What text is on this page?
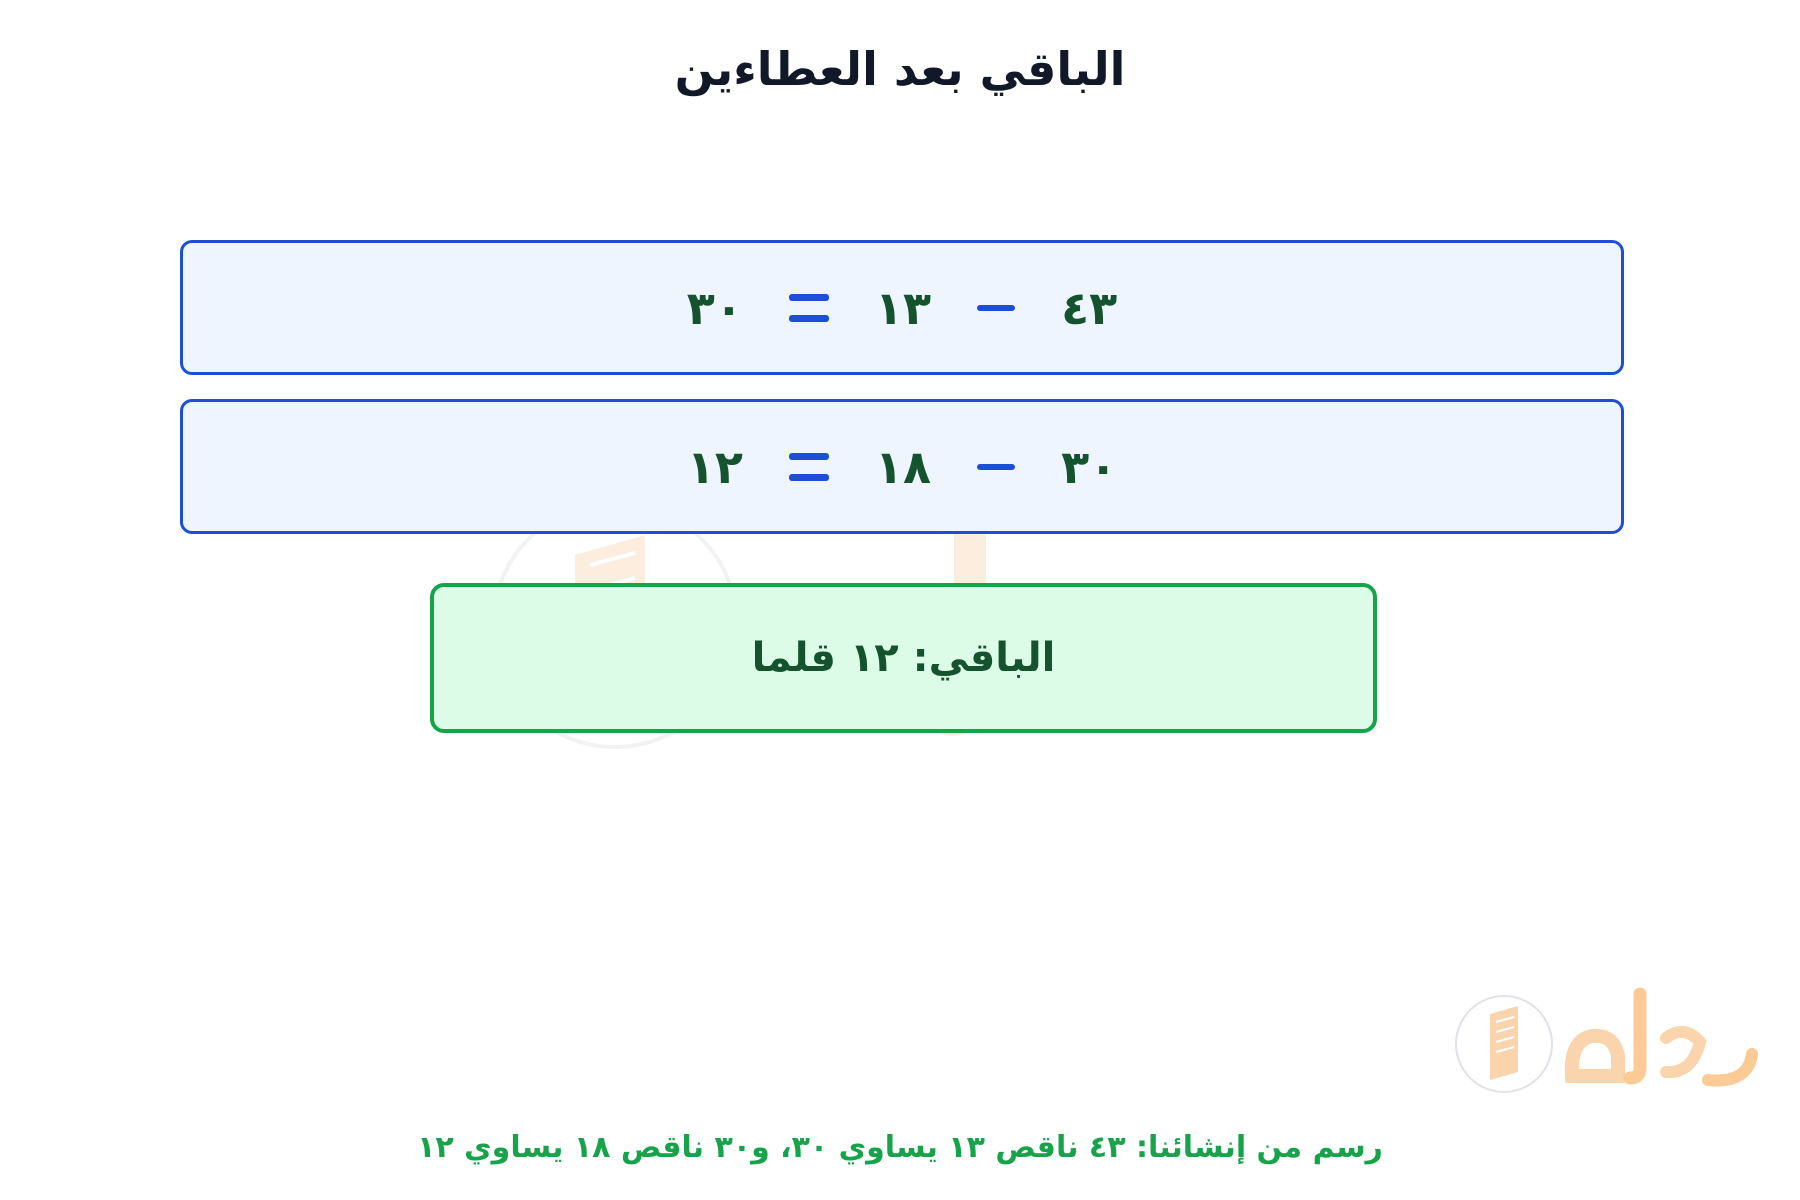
الباقي بعد العطاءين
٤٣
١٣
٣٠
٣٠
١٨
١٢
الباقي: ١٢ قلما
رسم من إنشائنا: ٤٣ ناقص ١٣ يساوي ٣٠، و٣٠ ناقص ١٨ يساوي ١٢
